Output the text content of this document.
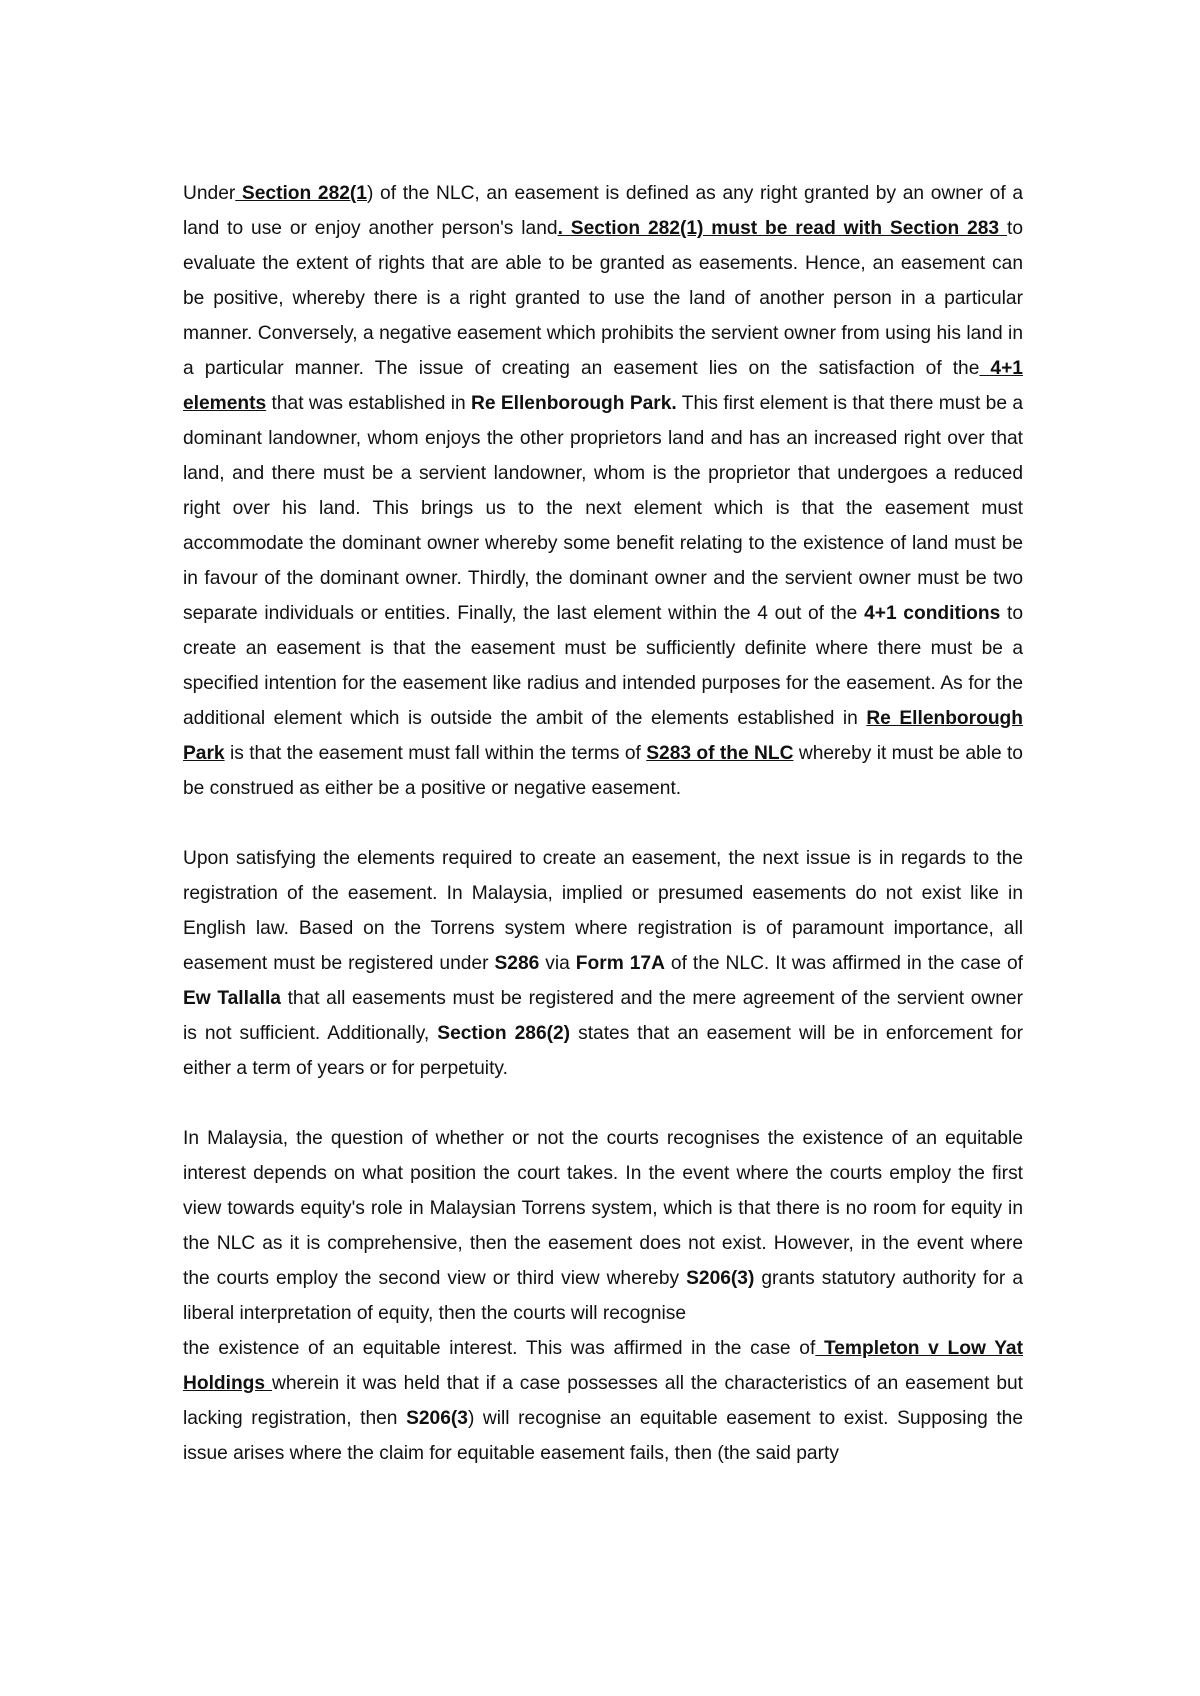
Under Section 282(1) of the NLC, an easement is defined as any right granted by an owner of a land to use or enjoy another person's land. Section 282(1) must be read with Section 283 to evaluate the extent of rights that are able to be granted as easements. Hence, an easement can be positive, whereby there is a right granted to use the land of another person in a particular manner. Conversely, a negative easement which prohibits the servient owner from using his land in a particular manner. The issue of creating an easement lies on the satisfaction of the 4+1 elements that was established in Re Ellenborough Park. This first element is that there must be a dominant landowner, whom enjoys the other proprietors land and has an increased right over that land, and there must be a servient landowner, whom is the proprietor that undergoes a reduced right over his land. This brings us to the next element which is that the easement must accommodate the dominant owner whereby some benefit relating to the existence of land must be in favour of the dominant owner. Thirdly, the dominant owner and the servient owner must be two separate individuals or entities. Finally, the last element within the 4 out of the 4+1 conditions to create an easement is that the easement must be sufficiently definite where there must be a specified intention for the easement like radius and intended purposes for the easement. As for the additional element which is outside the ambit of the elements established in Re Ellenborough Park is that the easement must fall within the terms of S283 of the NLC whereby it must be able to be construed as either be a positive or negative easement.

Upon satisfying the elements required to create an easement, the next issue is in regards to the registration of the easement. In Malaysia, implied or presumed easements do not exist like in English law. Based on the Torrens system where registration is of paramount importance, all easement must be registered under S286 via Form 17A of the NLC. It was affirmed in the case of Ew Tallalla that all easements must be registered and the mere agreement of the servient owner is not sufficient. Additionally, Section 286(2) states that an easement will be in enforcement for either a term of years or for perpetuity.

In Malaysia, the question of whether or not the courts recognises the existence of an equitable interest depends on what position the court takes. In the event where the courts employ the first view towards equity's role in Malaysian Torrens system, which is that there is no room for equity in the NLC as it is comprehensive, then the easement does not exist. However, in the event where the courts employ the second view or third view whereby S206(3) grants statutory authority for a liberal interpretation of equity, then the courts will recognise

the existence of an equitable interest. This was affirmed in the case of Templeton v Low Yat Holdings wherein it was held that if a case possesses all the characteristics of an easement but lacking registration, then S206(3) will recognise an equitable easement to exist. Supposing the issue arises where the claim for equitable easement fails, then (the said party
